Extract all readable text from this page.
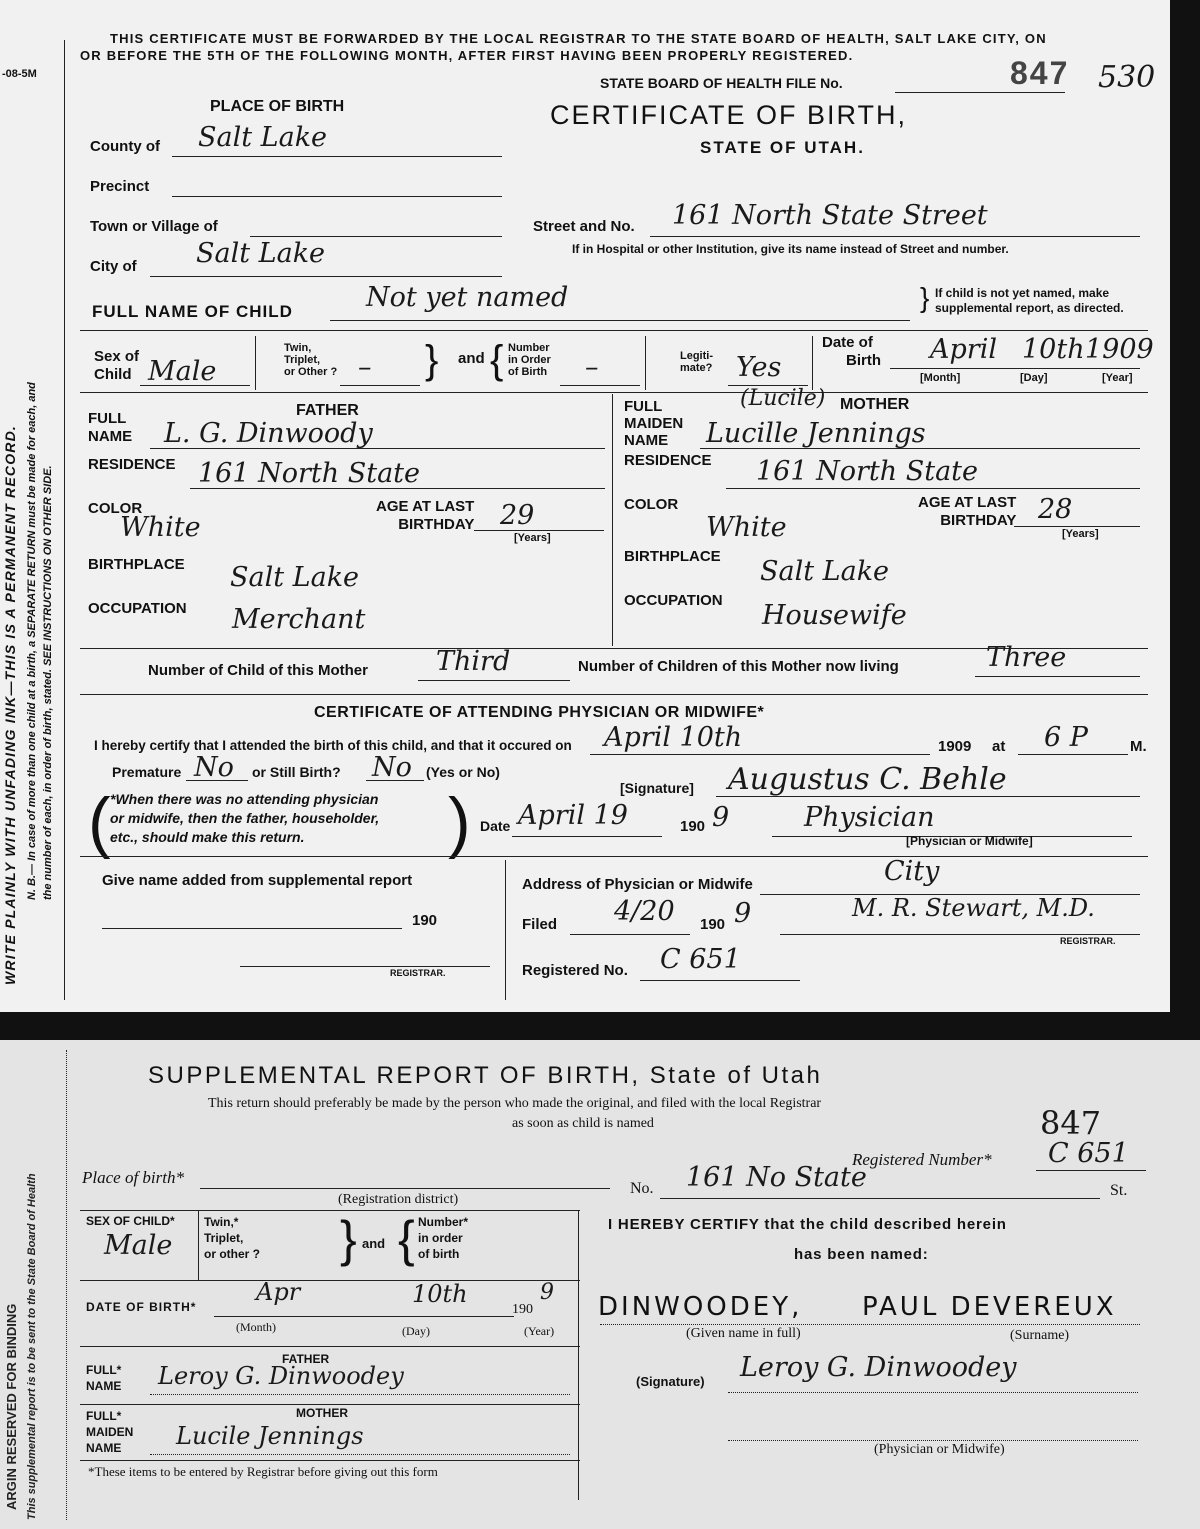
WRITE PLAINLY WITH UNFADING INK—THIS IS A PERMANENT RECORD. N. B.— In case of more than one child at a birth, a SEPARATE RETURN must be made for each, and the number of each, in order of birth, stated. SEE INSTRUCTIONS ON OTHER SIDE.
-08-5M
THIS CERTIFICATE MUST BE FORWARDED BY THE LOCAL REGISTRAR TO THE STATE BOARD OF HEALTH, SALT LAKE CITY, ON
OR BEFORE THE 5TH OF THE FOLLOWING MONTH, AFTER FIRST HAVING BEEN PROPERLY REGISTERED.
STATE BOARD OF HEALTH FILE No.	847 530
CERTIFICATE OF BIRTH,
STATE OF UTAH.
PLACE OF BIRTH
County of Salt Lake
Precinct
Town or Village of
City of Salt Lake
Street and No. 161 North State Street
If in Hospital or other Institution, give its name instead of Street and number.
FULL NAME OF CHILD	Not yet named	} If child is not yet named, make
supplemental report, as directed.
Sex of
Child Male
Twin,
Triplet,
or Other ? – } and { Number
in Order
of Birth –	Legiti-
mate? Yes
Date of
Birth April 10th 1909
[Month]	[Day]	[Year]
FATHER
FULL
NAME L. G. Dinwoody
RESIDENCE 161 North State
COLOR
White
AGE AT LAST
BIRTHDAY 29
[Years]
BIRTHPLACE Salt Lake
OCCUPATION Merchant
MOTHER
FULL
MAIDEN
NAME
(Lucile)
Lucille Jennings
RESIDENCE 161 North State
COLOR
White
AGE AT LAST
BIRTHDAY 28
[Years]
BIRTHPLACE Salt Lake
OCCUPATION Housewife
Number of Child of this Mother	Third	Number of Children of this Mother now living	Three
CERTIFICATE OF ATTENDING PHYSICIAN OR MIDWIFE*
I hereby certify that I attended the birth of this child, and that it occured on April 10th	1909 at 6 P	M.
Premature No or Still Birth? No (Yes or No)
( *When there was no attending physician
or midwife, then the father, householder,
etc., should make this return.	)	[Signature] Augustus C. Behle
Date April 19	190 9	Physician
[Physician or Midwife]
Give name added from supplemental report
190
REGISTRAR.
Address of Physician or Midwife	City
Filed 4/20 190 9	M. R. Stewart, M.D.
REGISTRAR.
Registered No. C 651
ARGIN RESERVED FOR BINDING This supplemental report is to be sent to the State Board of Health
SUPPLEMENTAL REPORT OF BIRTH, State of Utah
This return should preferably be made by the person who made the original, and filed with the local Registrar
as soon as child is named	847
Registered Number* C 651
Place of birth*
(Registration district)
No. 161 No State	St.
SEX OF CHILD*
Male
Twin,*
Triplet,
or other ? } and { Number*
in order
of birth
DATE OF BIRTH*
Apr	10th
190
9
(Month)	(Day)	(Year)
FATHER
FULL*
NAME Leroy G. Dinwoodey
MOTHER
FULL*
MAIDEN
NAME	Lucile Jennings
*These items to be entered by Registrar before giving out this form
I HEREBY CERTIFY that the child described herein
has been named:
DINWOODEY, PAUL DEVEREUX
(Given name in full)	(Surname)
(Signature) Leroy G. Dinwoodey
(Physician or Midwife)
